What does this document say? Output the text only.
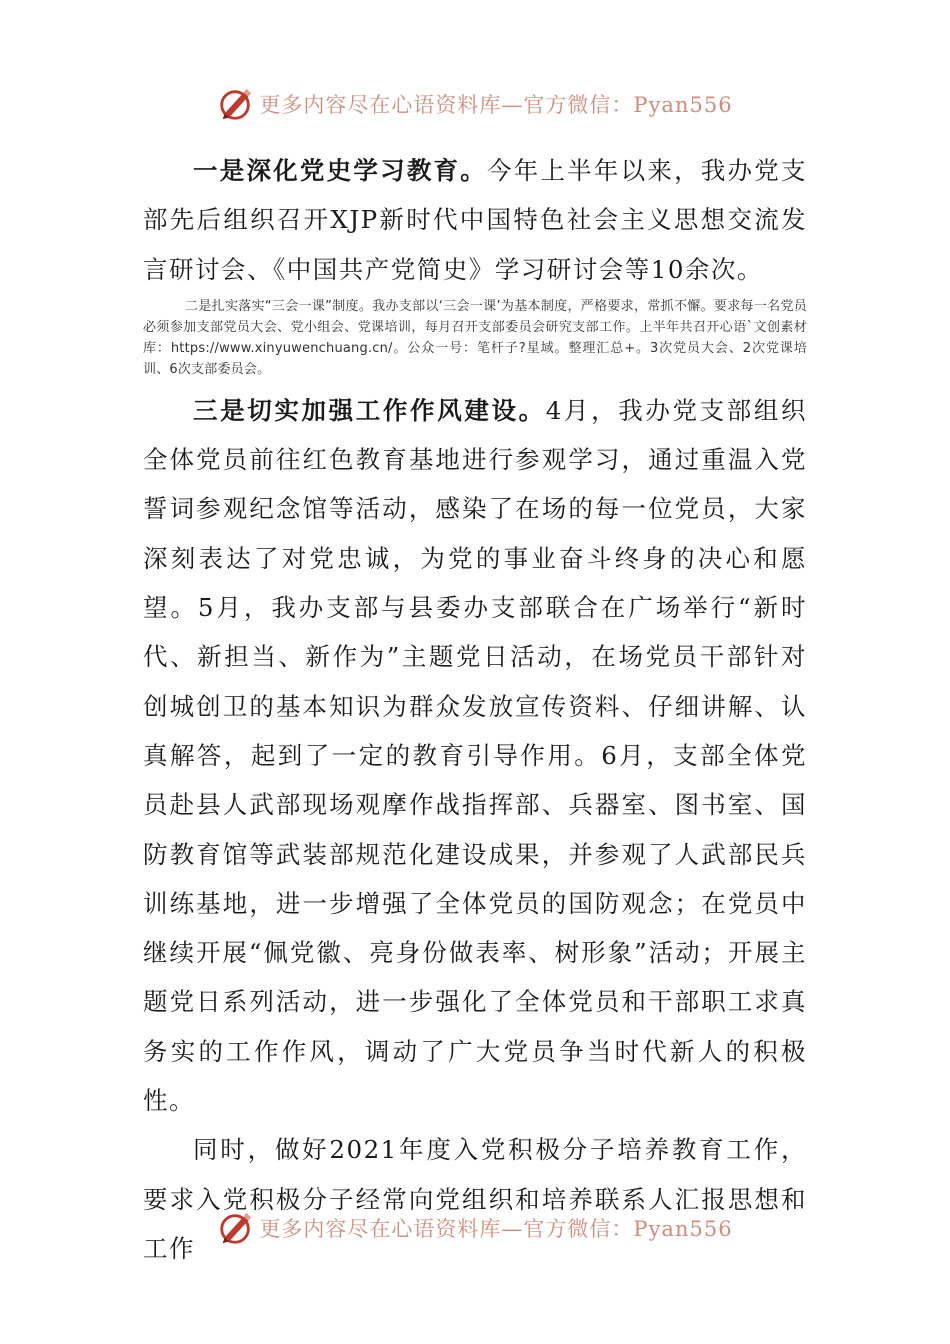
更多内容尽在心语资料库—官方微信：Pyan556

一是深化党史学习教育。今年上半年以来，我办党支部先后组织召开XJP新时代中国特色社会主义思想交流发言研讨会、《中国共产党简史》学习研讨会等10余次。

二是扎实落实“三会一课”制度。我办支部以‘三会一课’为基本制度，严格要求，常抓不懈。要求每一名党员必须参加支部党员大会、党小组会、党课培训，每月召开支部委员会研究支部工作。上半年共召开心语`文创素材库：https://www.xinyuwenchuang.cn/。公众一号：笔杆子?星域。整理汇总+。3次党员大会、2次党课培训、6次支部委员会。

三是切实加强工作作风建设。4月，我办党支部组织全体党员前往红色教育基地进行参观学习，通过重温入党誓词参观纪念馆等活动，感染了在场的每一位党员，大家深刻表达了对党忠诚，为党的事业奋斗终身的决心和愿望。5月，我办支部与县委办支部联合在广场举行“新时代、新担当、新作为”主题党日活动，在场党员干部针对创城创卫的基本知识为群众发放宣传资料、仔细讲解、认真解答，起到了一定的教育引导作用。6月，支部全体党员赴县人武部现场观摩作战指挥部、兵器室、图书室、国防教育馆等武装部规范化建设成果，并参观了人武部民兵训练基地，进一步增强了全体党员的国防观念；在党员中继续开展“佩党徽、亮身份做表率、树形象”活动；开展主题党日系列活动，进一步强化了全体党员和干部职工求真务实的工作作风，调动了广大党员争当时代新人的积极性。

同时，做好2021年度入党积极分子培养教育工作，要求入党积极分子经常向党组织和培养联系人汇报思想和工作

更多内容尽在心语资料库—官方微信：Pyan556
